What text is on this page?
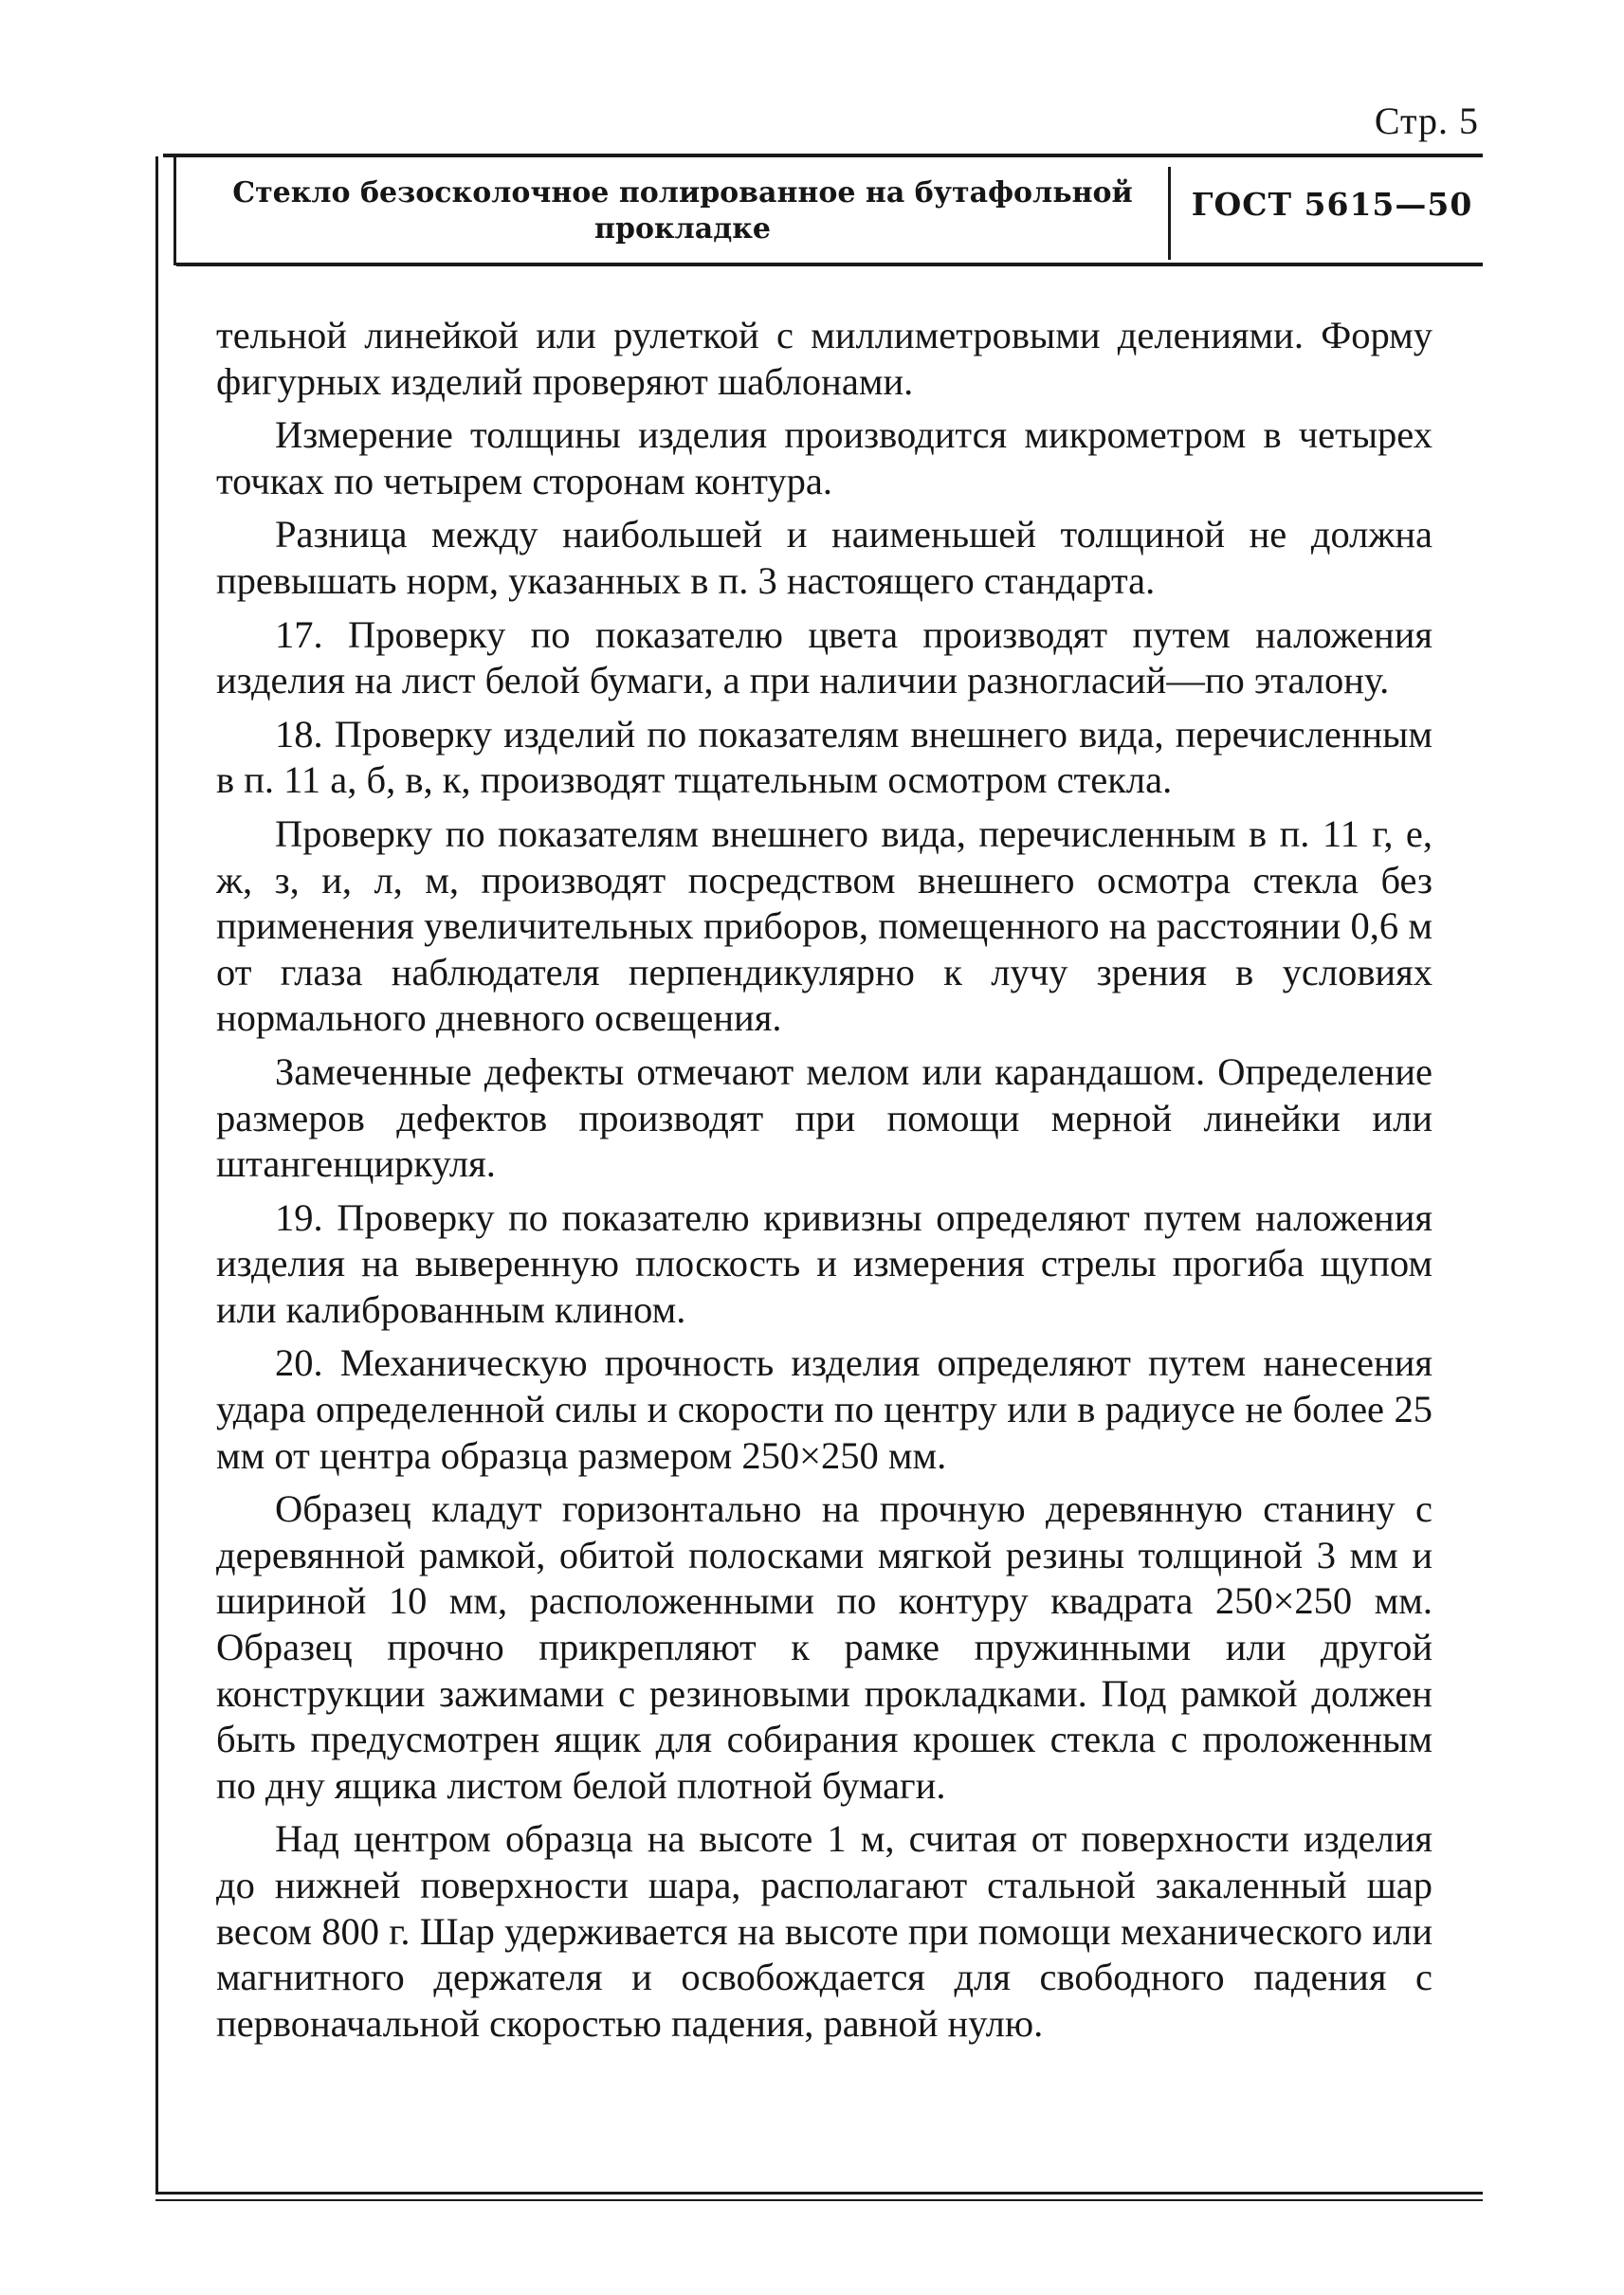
Стр. 5
Стекло безосколочное полированное на бутафольной прокладке
ГОСТ 5615—50

тельной линейкой или рулеткой с миллиметровыми делениями. Форму фигурных изделий проверяют шаблонами.

Измерение толщины изделия производится микрометром в четырех точках по четырем сторонам контура.

Разница между наибольшей и наименьшей толщиной не должна превышать норм, указанных в п. 3 настоящего стандарта.

17. Проверку по показателю цвета производят путем наложения изделия на лист белой бумаги, а при наличии разногласий—по эталону.

18. Проверку изделий по показателям внешнего вида, перечисленным в п. 11 а, б, в, к, производят тщательным осмотром стекла.

Проверку по показателям внешнего вида, перечисленным в п. 11 г, е, ж, з, и, л, м, производят посредством внешнего осмотра стекла без применения увеличительных приборов, помещенного на расстоянии 0,6 м от глаза наблюдателя перпендикулярно к лучу зрения в условиях нормального дневного освещения.

Замеченные дефекты отмечают мелом или карандашом. Определение размеров дефектов производят при помощи мерной линейки или штангенциркуля.

19. Проверку по показателю кривизны определяют путем наложения изделия на выверенную плоскость и измерения стрелы прогиба щупом или калиброванным клином.

20. Механическую прочность изделия определяют путем нанесения удара определенной силы и скорости по центру или в радиусе не более 25 мм от центра образца размером 250×250 мм.

Образец кладут горизонтально на прочную деревянную станину с деревянной рамкой, обитой полосками мягкой резины толщиной 3 мм и шириной 10 мм, расположенными по контуру квадрата 250×250 мм. Образец прочно прикрепляют к рамке пружинными или другой конструкции зажимами с резиновыми прокладками. Под рамкой должен быть предусмотрен ящик для собирания крошек стекла с проложенным по дну ящика листом белой плотной бумаги.

Над центром образца на высоте 1 м, считая от поверхности изделия до нижней поверхности шара, располагают стальной закаленный шар весом 800 г. Шар удерживается на высоте при помощи механического или магнитного держателя и освобождается для свободного падения с первоначальной скоростью падения, равной нулю.
